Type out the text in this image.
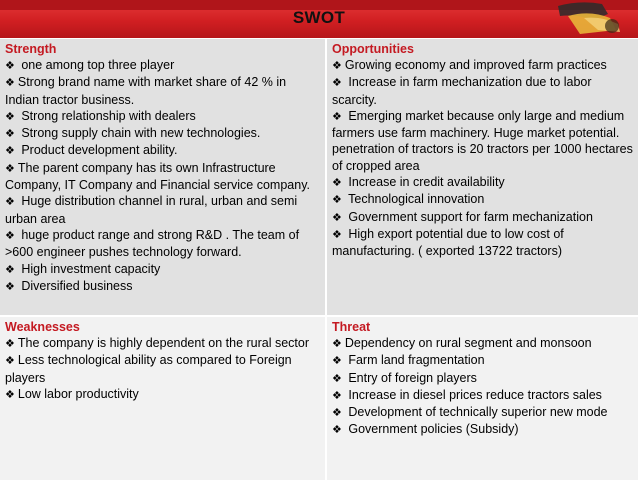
SWOT
Strength
❖ one among top three player
❖ Strong brand name with market share of 42 % in Indian tractor business.
❖ Strong relationship with dealers
❖ Strong supply chain with new technologies.
❖ Product development ability.
❖ The parent company has its own Infrastructure Company, IT Company and Financial service company.
❖ Huge distribution channel in rural, urban and semi urban area
❖ huge product range and strong R&D . The team of >600 engineer pushes technology forward.
❖ High investment capacity
❖ Diversified business
Opportunities
❖ Growing economy and improved farm practices
❖ Increase in farm mechanization due to labor scarcity.
❖ Emerging market because only large and medium farmers use farm machinery. Huge market potential. penetration of tractors is 20 tractors per 1000 hectares of cropped area
❖ Increase in credit availability
❖ Technological innovation
❖ Government support for farm mechanization
❖ High export potential due to low cost of manufacturing. ( exported 13722 tractors)
Weaknesses
❖ The company is highly dependent on the rural sector
❖ Less technological ability as compared to Foreign players
❖ Low labor productivity
Threat
❖ Dependency on rural segment and monsoon
❖ Farm land fragmentation
❖ Entry of foreign players
❖ Increase in diesel prices reduce tractors sales
❖ Development of technically superior new mode
❖ Government policies (Subsidy)
